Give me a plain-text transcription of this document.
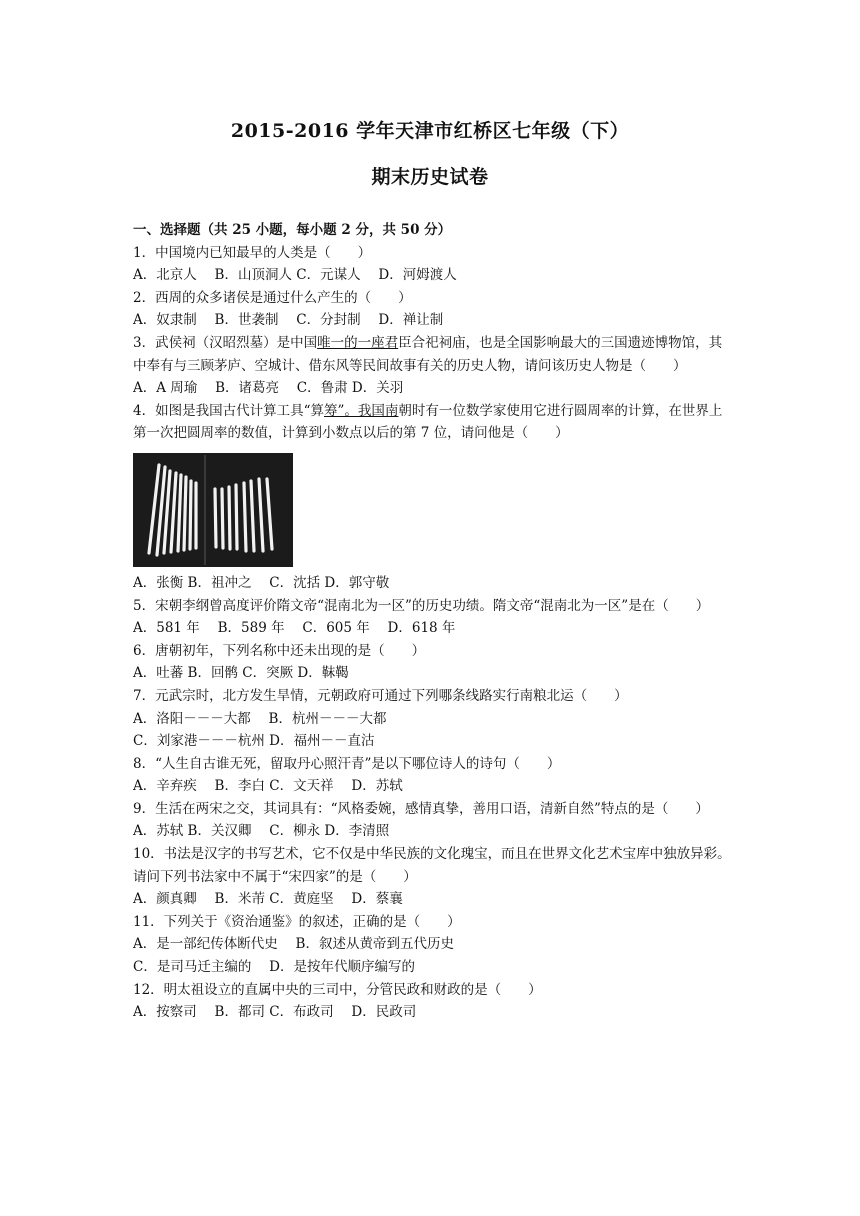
2015-2016 学年天津市红桥区七年级（下）
期末历史试卷
一、选择题（共 25 小题，每小题 2 分，共 50 分）
1．中国境内已知最早的人类是（　　）
A．北京人　 B．山顶洞人 C．元谋人　 D．河姆渡人
2．西周的众多诸侯是通过什么产生的（　　）
A．奴隶制　 B．世袭制　 C．分封制　 D．禅让制
3．武侯祠（汉昭烈墓）是中国唯一的一座君臣合祀祠庙，也是全国影响最大的三国遗迹博物馆，其中奉有与三顾茅庐、空城计、借东风等民间故事有关的历史人物，请问该历史人物是（　　）
A．A 周瑜　 B．诸葛亮　 C．鲁肃 D．关羽
4．如图是我国古代计算工具“算筹”。我国南朝时有一位数学家使用它进行圆周率的计算，在世界上第一次把圆周率的数值，计算到小数点以后的第 7 位，请问他是（　　）
A．张衡 B．祖冲之　 C．沈括 D．郭守敬
5．宋朝李纲曾高度评价隋文帝“混南北为一区”的历史功绩。隋文帝“混南北为一区”是在（　　）
A．581 年　 B．589 年　 C．605 年　 D．618 年
6．唐朝初年，下列名称中还未出现的是（　　）
A．吐蕃 B．回鹘 C．突厥 D．靺鞨
7．元武宗时，北方发生旱情，元朝政府可通过下列哪条线路实行南粮北运（　　）
A．洛阳－－－大都　 B．杭州－－－大都
C．刘家港－－－杭州 D．福州－－直沽
8．“人生自古谁无死，留取丹心照汗青”是以下哪位诗人的诗句（　　）
A．辛弃疾　 B．李白 C．文天祥　 D．苏轼
9．生活在两宋之交，其词具有：“风格委婉，感情真挚，善用口语，清新自然”特点的是（　　）
A．苏轼 B．关汉卿　 C．柳永 D．李清照
10．书法是汉字的书写艺术，它不仅是中华民族的文化瑰宝，而且在世界文化艺术宝库中独放异彩。请问下列书法家中不属于“宋四家”的是（　　）
A．颜真卿　 B．米芾 C．黄庭坚　 D．蔡襄
11．下列关于《资治通鉴》的叙述，正确的是（　　）
A．是一部纪传体断代史　 B．叙述从黄帝到五代历史
C．是司马迁主编的　 D．是按年代顺序编写的
12．明太祖设立的直属中央的三司中，分管民政和财政的是（　　）
A．按察司　 B．都司 C．布政司　 D．民政司
